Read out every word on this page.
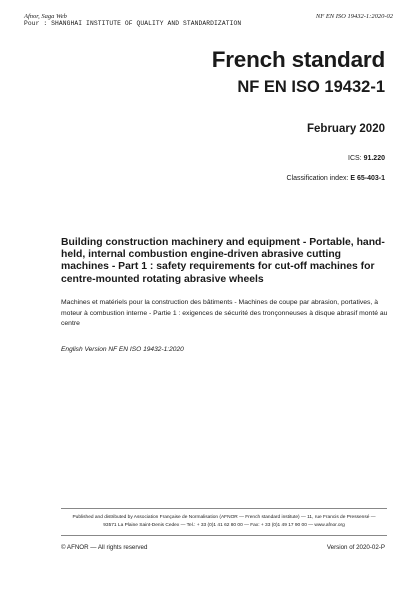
Afnor, Saga Web
Pour : SHANGHAI INSTITUTE OF QUALITY AND STANDARDIZATION
NF EN ISO 19432-1:2020-02
French standard
NF EN ISO 19432-1
February 2020
ICS: 91.220
Classification index: E 65-403-1
Building construction machinery and equipment - Portable, hand-held, internal combustion engine-driven abrasive cutting machines - Part 1 : safety requirements for cut-off machines for centre-mounted rotating abrasive wheels
Machines et matériels pour la construction des bâtiments - Machines de coupe par abrasion, portatives, à moteur à combustion interne - Partie 1 : exigences de sécurité des tronçonneuses à disque abrasif monté au centre
English Version NF EN ISO 19432-1:2020
Published and distributed by Association Française de Normalisation (AFNOR — French standard institute) — 11, rue Francis de Pressensé —
93571 La Plaine Saint-Denis Cedex — Tel.: + 33 (0)1 41 62 80 00 — Fax: + 33 (0)1 49 17 90 00 — www.afnor.org
© AFNOR — All rights reserved	Version of 2020-02-P
